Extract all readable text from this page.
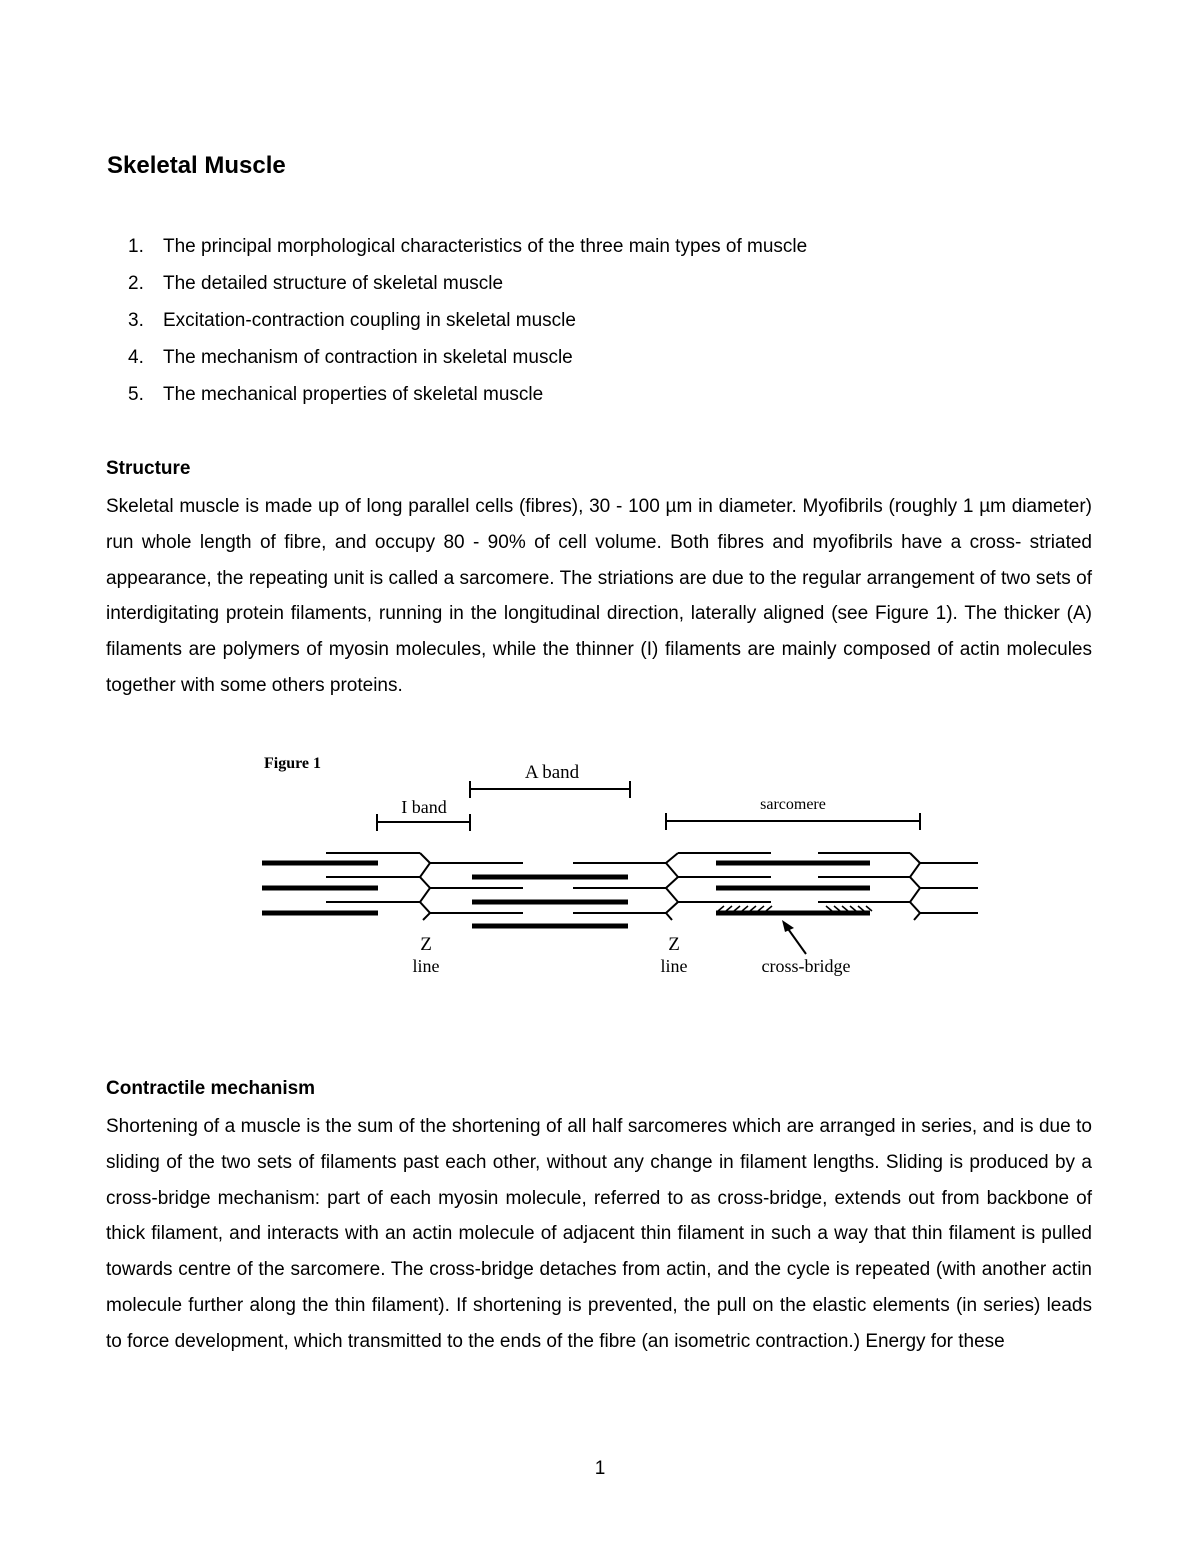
Skeletal Muscle
1.	The principal morphological characteristics of the three main types of muscle
2.	The detailed structure of skeletal muscle
3.	Excitation-contraction coupling in skeletal muscle
4.	The mechanism of contraction in skeletal muscle
5.	The mechanical properties of skeletal muscle
Structure

Skeletal muscle is made up of long parallel cells (fibres), 30 - 100 µm in diameter. Myofibrils (roughly 1 µm diameter) run whole length of fibre, and occupy 80 - 90% of cell volume. Both fibres and myofibrils have a cross- striated appearance, the repeating unit is called a sarcomere. The striations are due to the regular arrangement of two sets of interdigitating protein filaments, running in the longitudinal direction, laterally aligned (see Figure 1). The thicker (A) filaments are polymers of myosin molecules, while the thinner (I) filaments are mainly composed of actin molecules together with some others proteins.

Figure 1	A band
I band	sarcomere
Z
line
Z
line	cross-bridge
Contractile mechanism

Shortening of a muscle is the sum of the shortening of all half sarcomeres which are arranged in series, and is due to sliding of the two sets of filaments past each other, without any change in filament lengths. Sliding is produced by a cross-bridge mechanism: part of each myosin molecule, referred to as cross-bridge, extends out from backbone of thick filament, and interacts with an actin molecule of adjacent thin filament in such a way that thin filament is pulled towards centre of the sarcomere. The cross-bridge detaches from actin, and the cycle is repeated (with another actin molecule further along the thin filament). If shortening is prevented, the pull on the elastic elements (in series) leads to force development, which transmitted to the ends of the fibre (an isometric contraction.) Energy for these

1
